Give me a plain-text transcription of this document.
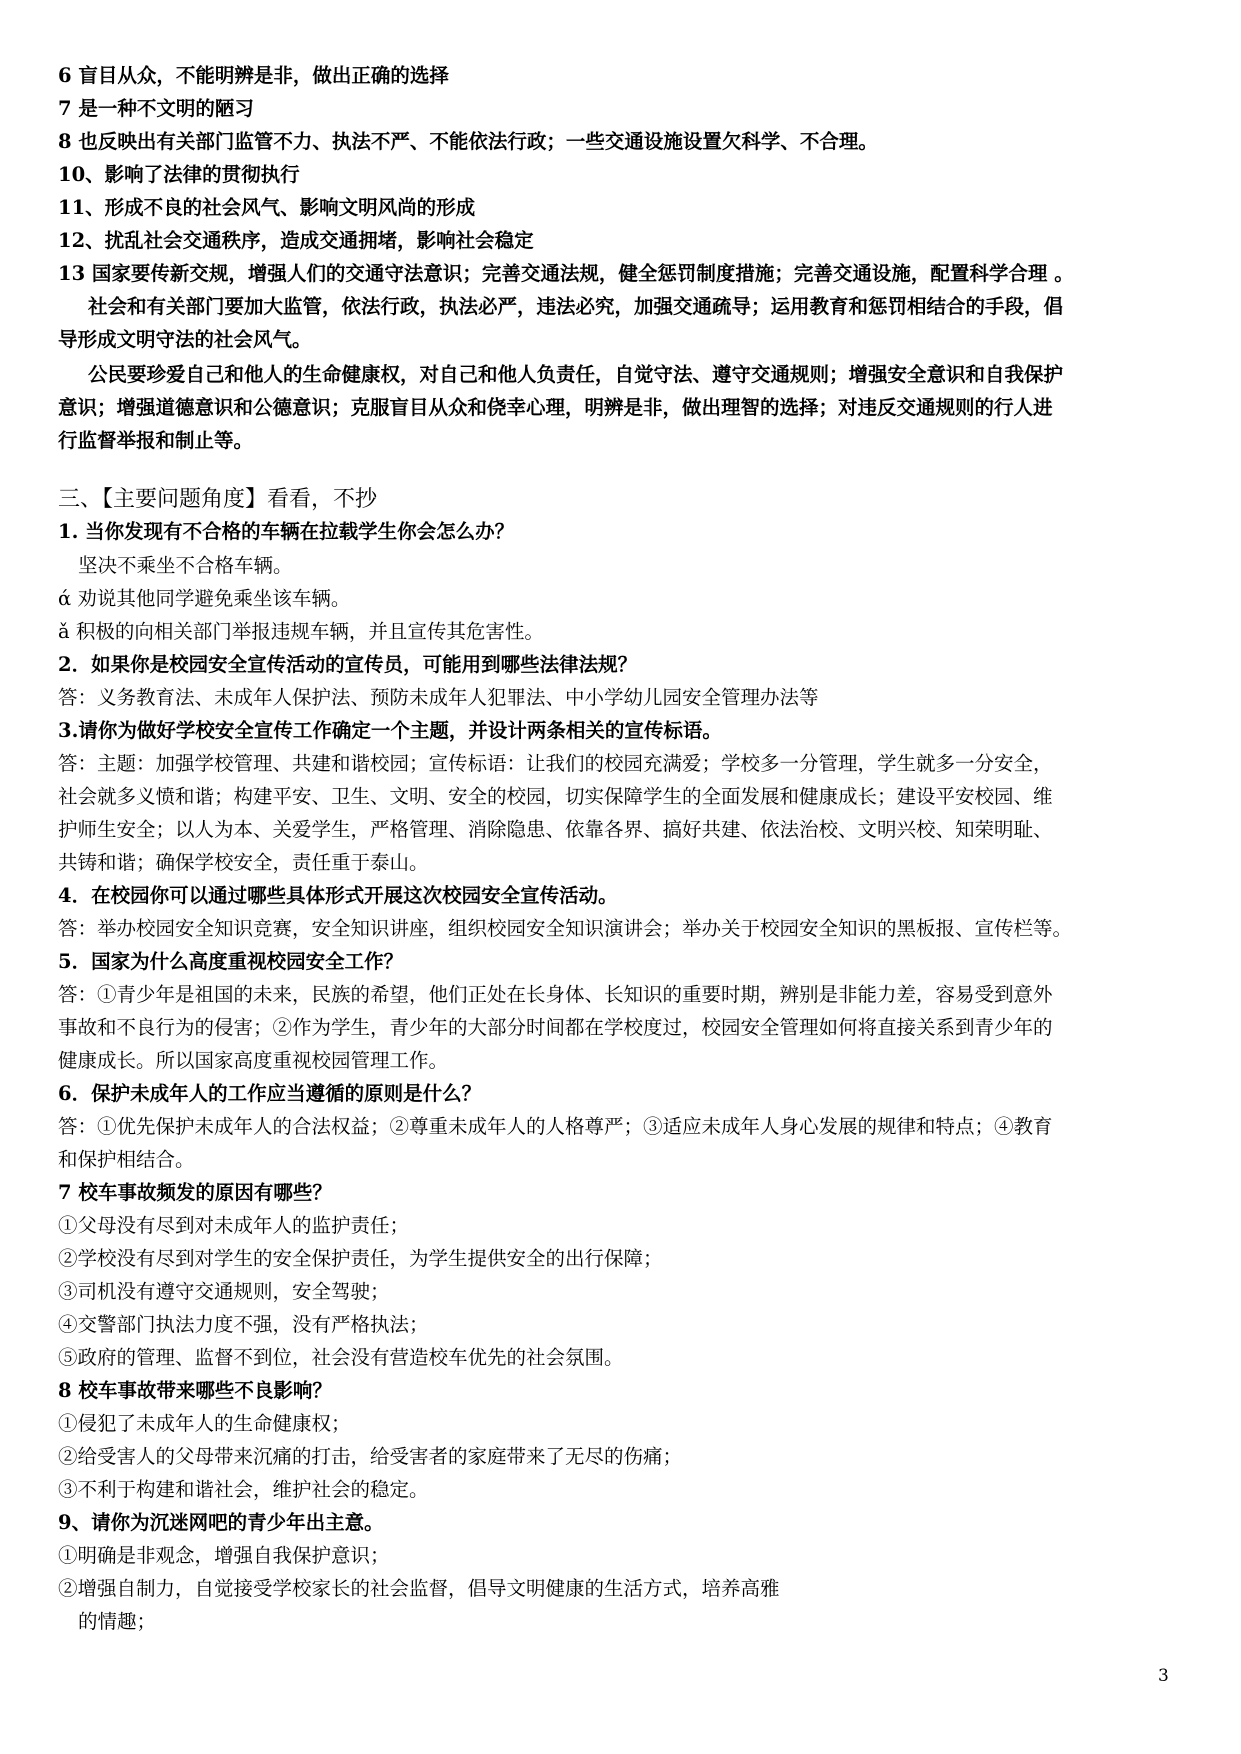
6 盲目从众，不能明辨是非，做出正确的选择
7 是一种不文明的陋习
8 也反映出有关部门监管不力、执法不严、不能依法行政；一些交通设施设置欠科学、不合理。
10、影响了法律的贯彻执行
11、形成不良的社会风气、影响文明风尚的形成
12、扰乱社会交通秩序，造成交通拥堵，影响社会稳定
13 国家要传新交规，增强人们的交通守法意识；完善交通法规，健全惩罚制度措施；完善交通设施，配置科学合理 。
社会和有关部门要加大监管，依法行政，执法必严，违法必究，加强交通疏导；运用教育和惩罚相结合的手段，倡
导形成文明守法的社会风气。
公民要珍爱自己和他人的生命健康权，对自己和他人负责任，自觉守法、遵守交通规则；增强安全意识和自我保护
意识；增强道德意识和公德意识；克服盲目从众和侥幸心理，明辨是非，做出理智的选择；对违反交通规则的行人进
行监督举报和制止等。
三、【主要问题角度】看看，不抄
1. 当你发现有不合格的车辆在拉载学生你会怎么办？
坚决不乘坐不合格车辆。
ά 劝说其他同学避免乘坐该车辆。
ǎ 积极的向相关部门举报违规车辆，并且宣传其危害性。
2．如果你是校园安全宣传活动的宣传员，可能用到哪些法律法规？
答：义务教育法、未成年人保护法、预防未成年人犯罪法、中小学幼儿园安全管理办法等
3.请你为做好学校安全宣传工作确定一个主题，并设计两条相关的宣传标语。
答：主题：加强学校管理、共建和谐校园；宣传标语：让我们的校园充满爱；学校多一分管理，学生就多一分安全，
社会就多义愤和谐；构建平安、卫生、文明、安全的校园，切实保障学生的全面发展和健康成长；建设平安校园、维
护师生安全；以人为本、关爱学生，严格管理、消除隐患、依靠各界、搞好共建、依法治校、文明兴校、知荣明耻、
共铸和谐；确保学校安全，责任重于泰山。
4．在校园你可以通过哪些具体形式开展这次校园安全宣传活动。
答：举办校园安全知识竞赛，安全知识讲座，组织校园安全知识演讲会；举办关于校园安全知识的黑板报、宣传栏等。
5．国家为什么高度重视校园安全工作？
答：①青少年是祖国的未来，民族的希望，他们正处在长身体、长知识的重要时期，辨别是非能力差，容易受到意外
事故和不良行为的侵害；②作为学生，青少年的大部分时间都在学校度过，校园安全管理如何将直接关系到青少年的
健康成长。所以国家高度重视校园管理工作。
6．保护未成年人的工作应当遵循的原则是什么？
答：①优先保护未成年人的合法权益；②尊重未成年人的人格尊严；③适应未成年人身心发展的规律和特点；④教育
和保护相结合。
7 校车事故频发的原因有哪些？
①父母没有尽到对未成年人的监护责任；
②学校没有尽到对学生的安全保护责任，为学生提供安全的出行保障；
③司机没有遵守交通规则，安全驾驶；
④交警部门执法力度不强，没有严格执法；
⑤政府的管理、监督不到位，社会没有营造校车优先的社会氛围。
8 校车事故带来哪些不良影响？
①侵犯了未成年人的生命健康权；
②给受害人的父母带来沉痛的打击，给受害者的家庭带来了无尽的伤痛；
③不利于构建和谐社会，维护社会的稳定。
9、请你为沉迷网吧的青少年出主意。
①明确是非观念，增强自我保护意识；
②增强自制力，自觉接受学校家长的社会监督，倡导文明健康的生活方式，培养高雅
的情趣；
3
